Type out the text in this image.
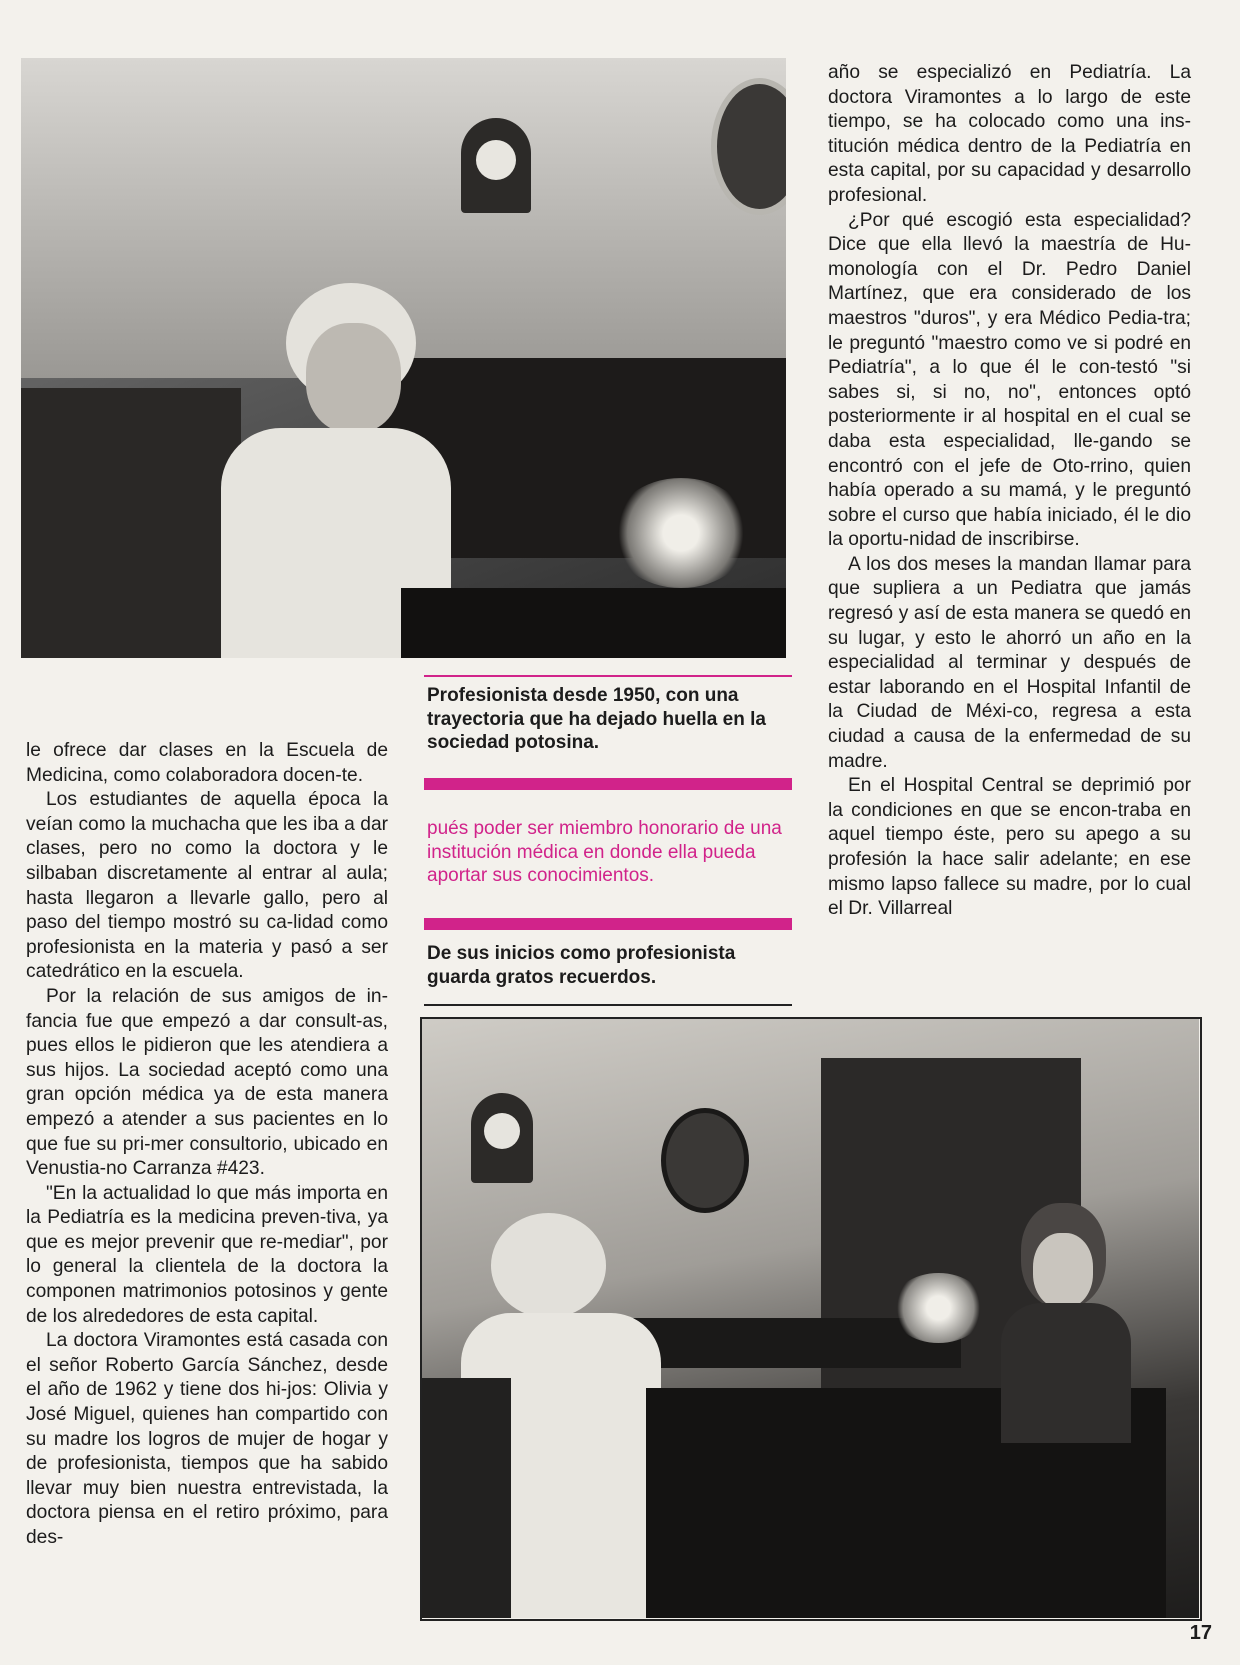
le ofrece dar clases en la Escuela de Medicina, como colaboradora docen-te.

Los estudiantes de aquella época la veían como la muchacha que les iba a dar clases, pero no como la doctora y le silbaban discretamente al entrar al aula; hasta llegaron a llevarle gallo, pero al paso del tiempo mostró su ca-lidad como profesionista en la materia y pasó a ser catedrático en la escuela.

Por la relación de sus amigos de in-fancia fue que empezó a dar consult-as, pues ellos le pidieron que les atendiera a sus hijos. La sociedad aceptó como una gran opción médica ya de esta manera empezó a atender a sus pacientes en lo que fue su pri-mer consultorio, ubicado en Venustia-no Carranza #423.

"En la actualidad lo que más importa en la Pediatría es la medicina preven-tiva, ya que es mejor prevenir que re-mediar", por lo general la clientela de la doctora la componen matrimonios potosinos y gente de los alrededores de esta capital.

La doctora Viramontes está casada con el señor Roberto García Sánchez, desde el año de 1962 y tiene dos hi-jos: Olivia y José Miguel, quienes han compartido con su madre los logros de mujer de hogar y de profesionista, tiempos que ha sabido llevar muy bien nuestra entrevistada, la doctora piensa en el retiro próximo, para des-

año se especializó en Pediatría. La doctora Viramontes a lo largo de este tiempo, se ha colocado como una ins-titución médica dentro de la Pediatría en esta capital, por su capacidad y desarrollo profesional.

¿Por qué escogió esta especialidad? Dice que ella llevó la maestría de Hu-monología con el Dr. Pedro Daniel Martínez, que era considerado de los maestros "duros", y era Médico Pedia-tra; le preguntó "maestro como ve si podré en Pediatría", a lo que él le con-testó "si sabes si, si no, no", entonces optó posteriormente ir al hospital en el cual se daba esta especialidad, lle-gando se encontró con el jefe de Oto-rrino, quien había operado a su mamá, y le preguntó sobre el curso que había iniciado, él le dio la oportu-nidad de inscribirse.

A los dos meses la mandan llamar para que supliera a un Pediatra que jamás regresó y así de esta manera se quedó en su lugar, y esto le ahorró un año en la especialidad al terminar y después de estar laborando en el Hospital Infantil de la Ciudad de Méxi-co, regresa a esta ciudad a causa de la enfermedad de su madre.

En el Hospital Central se deprimió por la condiciones en que se encon-traba en aquel tiempo éste, pero su apego a su profesión la hace salir adelante; en ese mismo lapso fallece su madre, por lo cual el Dr. Villarreal

Profesionista desde 1950, con una trayectoria que ha dejado huella en la sociedad potosina.
pués poder ser miembro honorario de una institución médica en donde ella pueda aportar sus conocimientos.
De sus inicios como profesionista guarda gratos recuerdos.
17
